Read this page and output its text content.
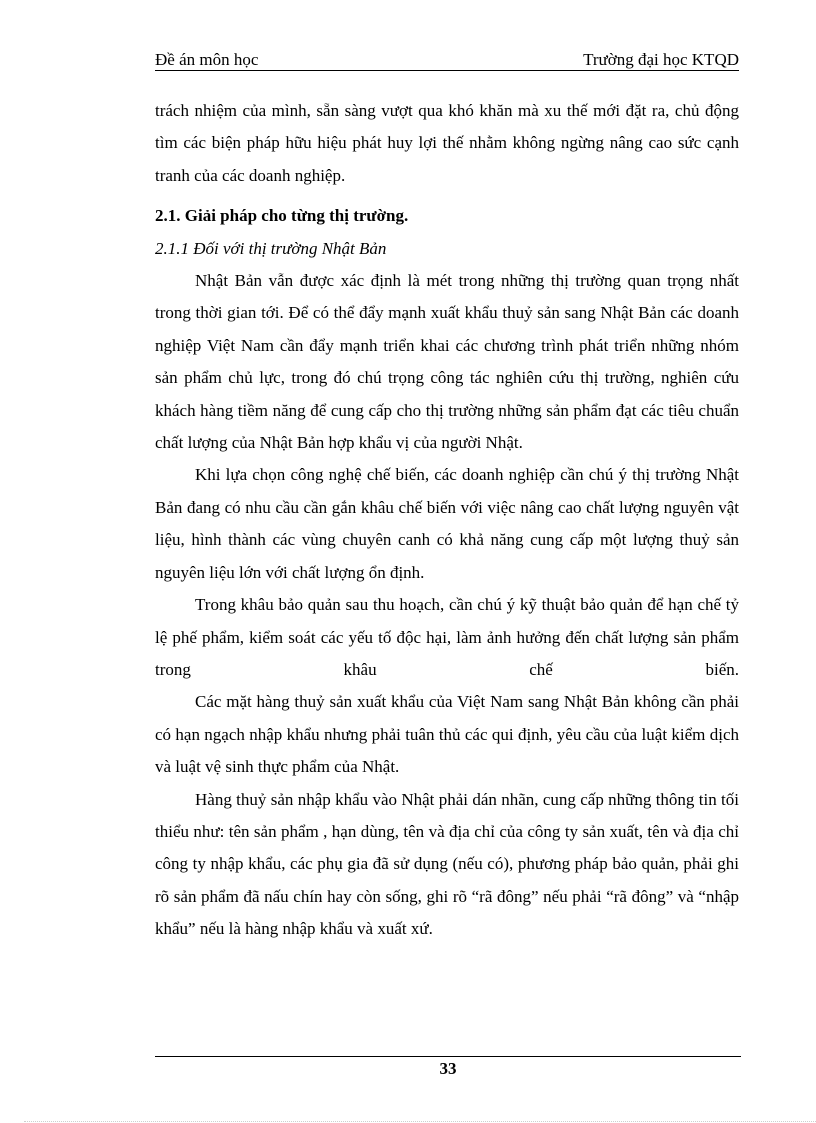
Đề án môn học	Trường đại học KTQD

trách nhiệm của mình, sẵn sàng vượt qua khó khăn mà xu thế mới đặt ra, chủ động tìm các biện pháp hữu hiệu phát huy lợi thế nhằm không ngừng nâng cao sức cạnh tranh của các doanh nghiệp.

2.1. Giải pháp cho từng thị trường.

2.1.1 Đối với thị trường Nhật Bản

Nhật Bản vẫn được xác định là mét trong những thị trường quan trọng nhất trong thời gian tới. Để có thể đẩy mạnh xuất khẩu thuỷ sản sang Nhật Bản các doanh nghiệp Việt Nam cần đẩy mạnh triển khai các chương trình phát triển những nhóm sản phẩm chủ lực, trong đó chú trọng công tác nghiên cứu thị trường, nghiên cứu khách hàng tiềm năng để cung cấp cho thị trường những sản phẩm đạt các tiêu chuẩn chất lượng của Nhật Bản hợp khẩu vị của người Nhật.

Khi lựa chọn công nghệ chế biến, các doanh nghiệp cần chú ý thị trường Nhật Bản đang có nhu cầu cần gắn khâu chế biến với việc nâng cao chất lượng nguyên vật liệu, hình thành các vùng chuyên canh có khả năng cung cấp một lượng thuỷ sản nguyên liệu lớn với chất lượng ổn định.

Trong khâu bảo quản sau thu hoạch, cần chú ý kỹ thuật bảo quản để hạn chế tỷ lệ phế phẩm, kiểm soát các yếu tố độc hại, làm ảnh hưởng đến chất lượng sản phẩm trong khâu chế biến.

Các mặt hàng thuỷ sản xuất khẩu của Việt Nam sang Nhật Bản không cần phải có hạn ngạch nhập khẩu nhưng phải tuân thủ các qui định, yêu cầu của luật kiểm dịch và luật vệ sinh thực phẩm của Nhật.

Hàng thuỷ sản nhập khẩu vào Nhật phải dán nhãn, cung cấp những thông tin tối thiểu như: tên sản phẩm , hạn dùng, tên và địa chỉ của công ty sản xuất, tên và địa chỉ công ty nhập khẩu, các phụ gia đã sử dụng (nếu có), phương pháp bảo quản, phải ghi rõ sản phẩm đã nấu chín hay còn sống, ghi rõ “rã đông” nếu phải “rã đông” và “nhập khẩu” nếu là hàng nhập khẩu và xuất xứ.

33
